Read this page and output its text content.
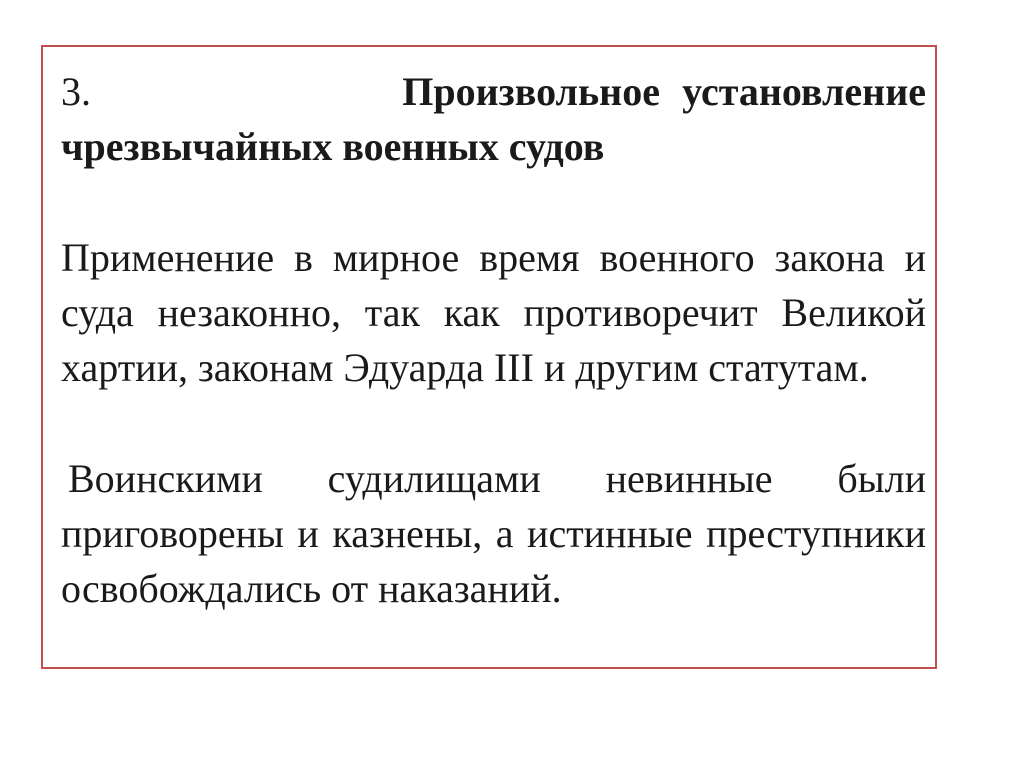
3.	Произвольное установление чрезвычайных военных судов

Применение в мирное время военного закона и суда незаконно, так как противоречит Великой хартии, законам Эдуарда III и другим статутам.

Воинскими судилищами невинные были приговорены и казнены, а истинные преступники освобождались от наказаний.
